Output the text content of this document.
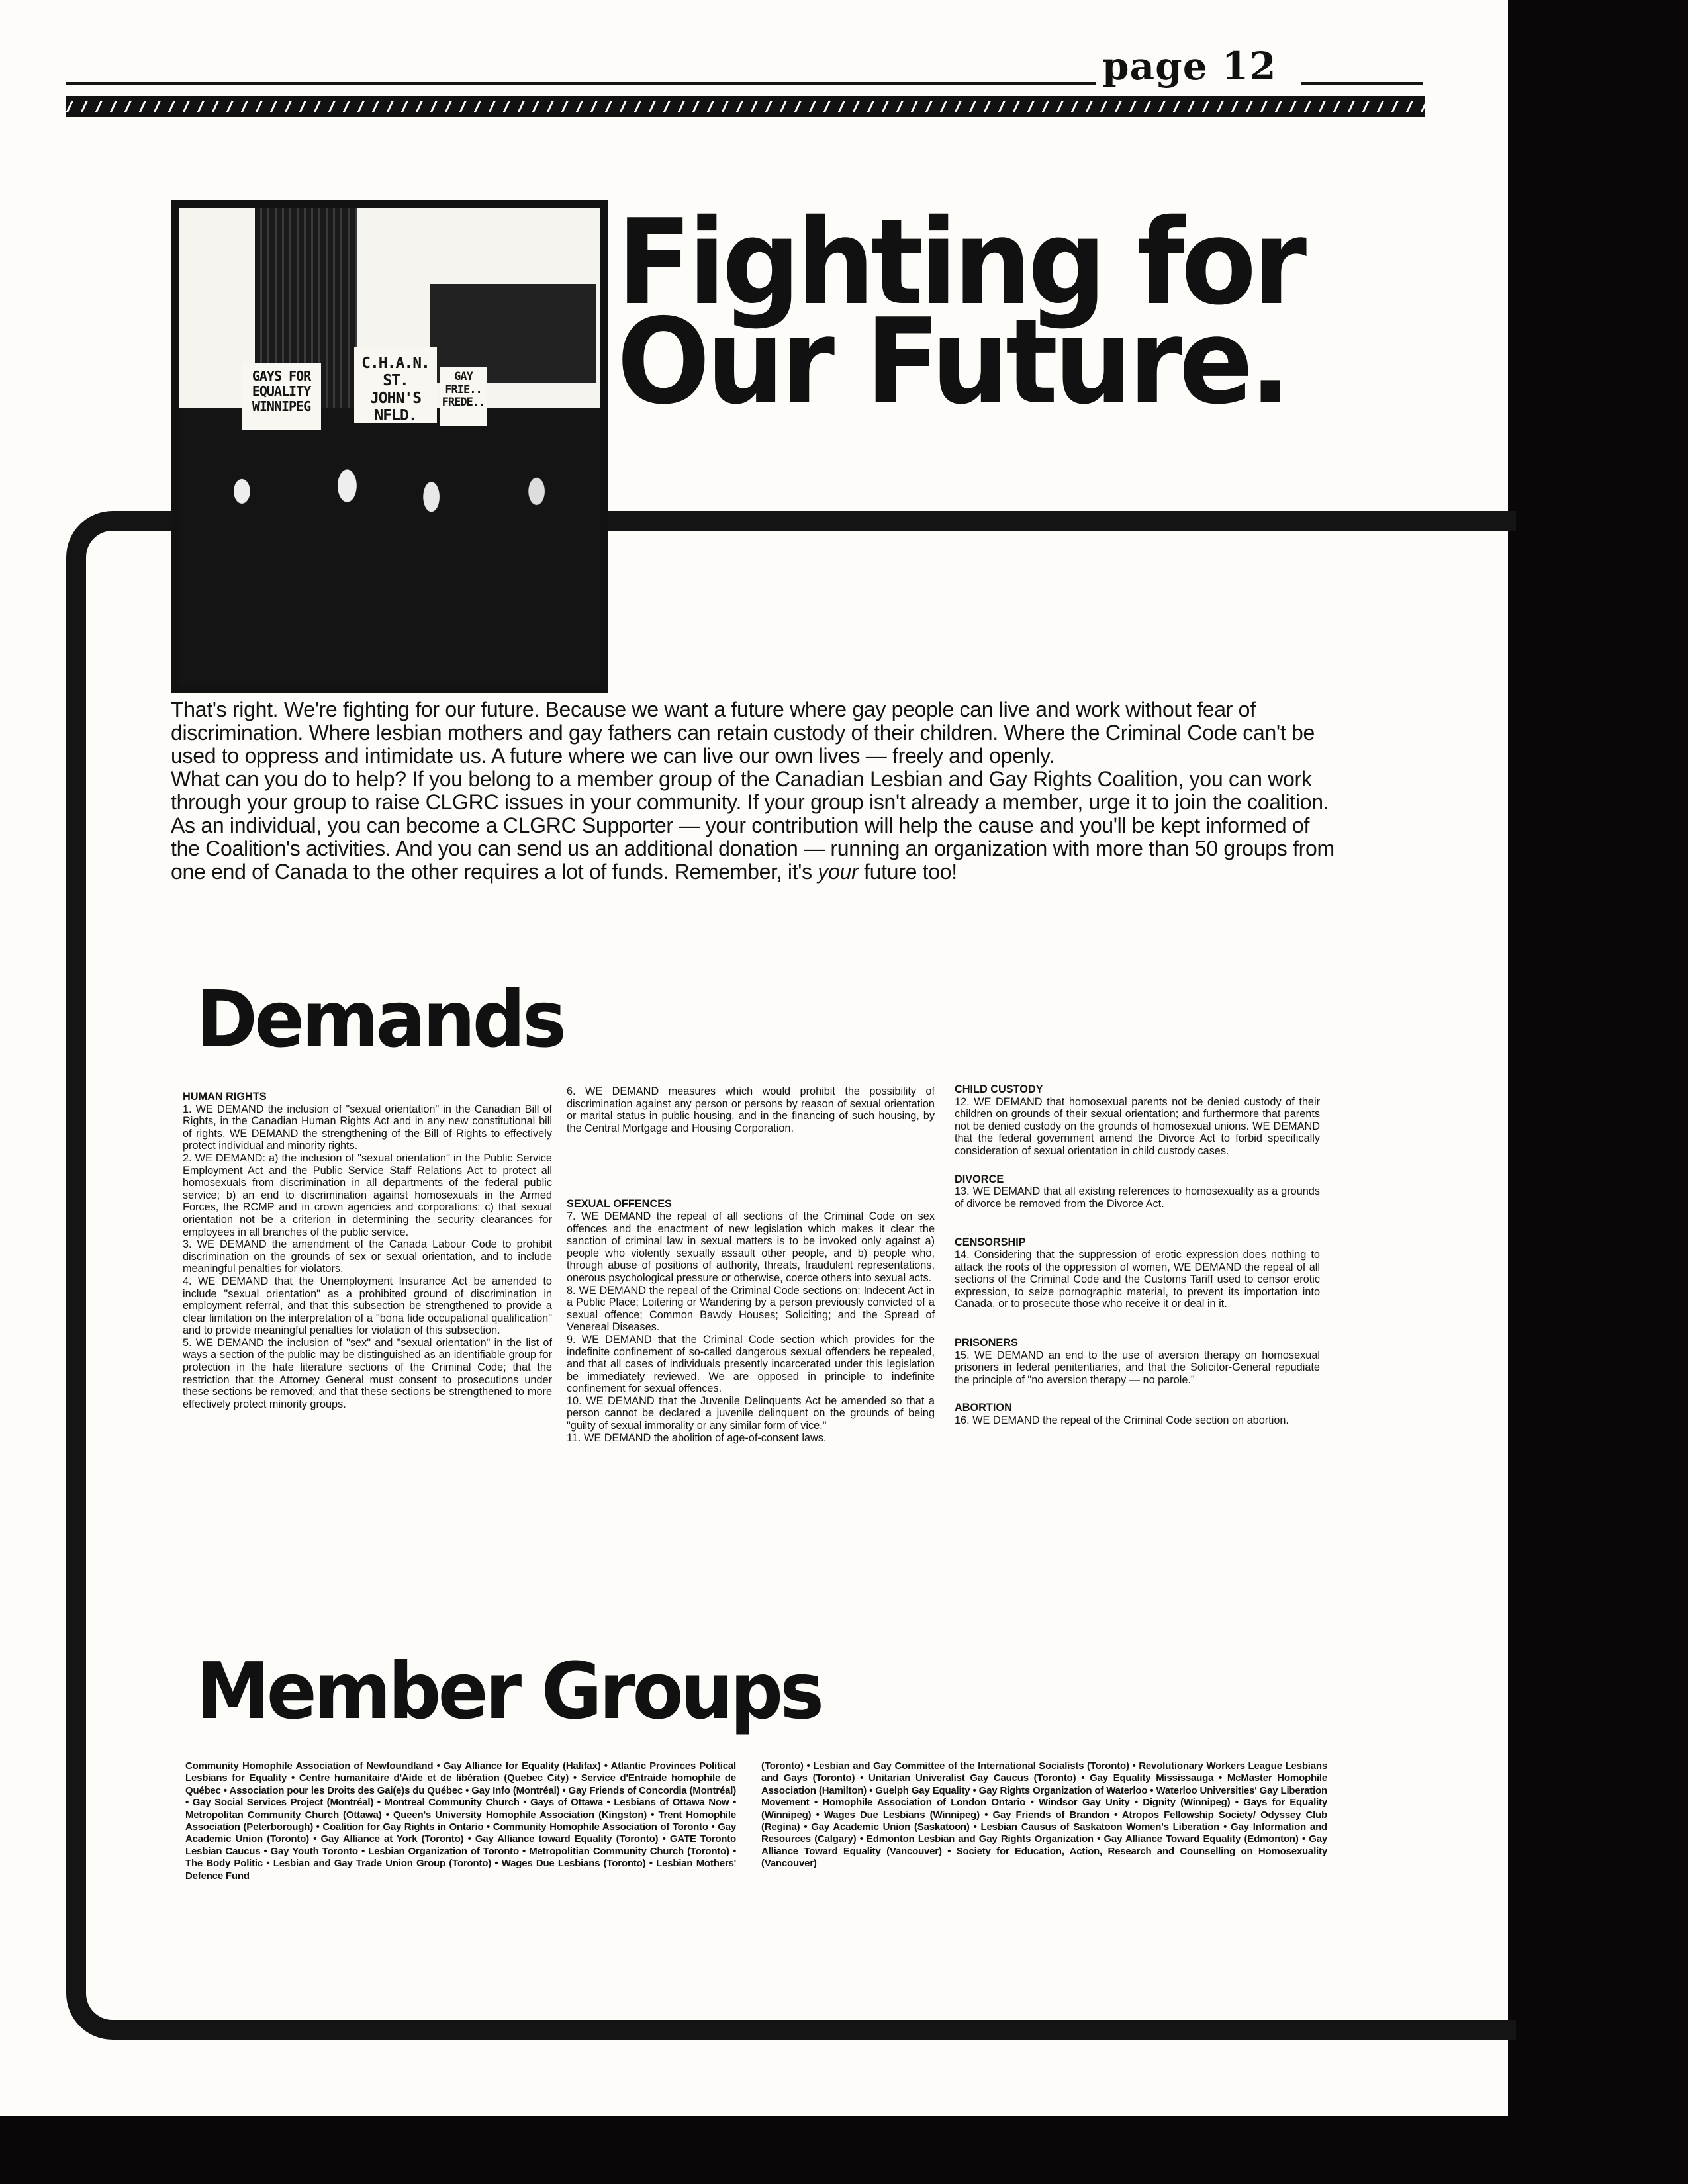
page 12
GAYS FOR
EQUALITY
WINNIPEG
C.H.A.N.
ST. JOHN'S
NFLD.
GAY
FRIE..
FREDE..
Fighting for
Our Future.

That's right. We're fighting for our future. Because we want a future where gay people can live and work without fear of discrimination. Where lesbian mothers and gay fathers can retain custody of their children. Where the Criminal Code can't be used to oppress and intimidate us. A future where we can live our own lives — freely and openly.

What can you do to help? If you belong to a member group of the Canadian Lesbian and Gay Rights Coalition, you can work through your group to raise CLGRC issues in your community. If your group isn't already a member, urge it to join the coalition. As an individual, you can become a CLGRC Supporter — your contribution will help the cause and you'll be kept informed of the Coalition's activities. And you can send us an additional donation — running an organization with more than 50 groups from one end of Canada to the other requires a lot of funds. Remember, it's your future too!

Demands

HUMAN RIGHTS

1. WE DEMAND the inclusion of "sexual orientation" in the Canadian Bill of Rights, in the Canadian Human Rights Act and in any new constitutional bill of rights. WE DEMAND the strengthening of the Bill of Rights to effectively protect individual and minority rights.

2. WE DEMAND: a) the inclusion of "sexual orientation" in the Public Service Employment Act and the Public Service Staff Relations Act to protect all homosexuals from discrimination in all departments of the federal public service; b) an end to discrimination against homosexuals in the Armed Forces, the RCMP and in crown agencies and corporations; c) that sexual orientation not be a criterion in determining the security clearances for employees in all branches of the public service.

3. WE DEMAND the amendment of the Canada Labour Code to prohibit discrimination on the grounds of sex or sexual orientation, and to include meaningful penalties for violators.

4. WE DEMAND that the Unemployment Insurance Act be amended to include "sexual orientation" as a prohibited ground of discrimination in employment referral, and that this subsection be strengthened to provide a clear limitation on the interpretation of a "bona fide occupational qualification" and to provide meaningful penalties for violation of this subsection.

5. WE DEMAND the inclusion of "sex" and "sexual orientation" in the list of ways a section of the public may be distinguished as an identifiable group for protection in the hate literature sections of the Criminal Code; that the restriction that the Attorney General must consent to prosecutions under these sections be removed; and that these sections be strengthened to more effectively protect minority groups.

6. WE DEMAND measures which would prohibit the possibility of discrimination against any person or persons by reason of sexual orientation or marital status in public housing, and in the financing of such housing, by the Central Mortgage and Housing Corporation.

SEXUAL OFFENCES

7. WE DEMAND the repeal of all sections of the Criminal Code on sex offences and the enactment of new legislation which makes it clear the sanction of criminal law in sexual matters is to be invoked only against a) people who violently sexually assault other people, and b) people who, through abuse of positions of authority, threats, fraudulent representations, onerous psychological pressure or otherwise, coerce others into sexual acts.

8. WE DEMAND the repeal of the Criminal Code sections on: Indecent Act in a Public Place; Loitering or Wandering by a person previously convicted of a sexual offence; Common Bawdy Houses; Soliciting; and the Spread of Venereal Diseases.

9. WE DEMAND that the Criminal Code section which provides for the indefinite confinement of so-called dangerous sexual offenders be repealed, and that all cases of individuals presently incarcerated under this legislation be immediately reviewed. We are opposed in principle to indefinite confinement for sexual offences.

10. WE DEMAND that the Juvenile Delinquents Act be amended so that a person cannot be declared a juvenile delinquent on the grounds of being "guilty of sexual immorality or any similar form of vice."

11. WE DEMAND the abolition of age-of-consent laws.

CHILD CUSTODY

12. WE DEMAND that homosexual parents not be denied custody of their children on grounds of their sexual orientation; and furthermore that parents not be denied custody on the grounds of homosexual unions. WE DEMAND that the federal government amend the Divorce Act to forbid specifically consideration of sexual orientation in child custody cases.

DIVORCE

13. WE DEMAND that all existing references to homosexuality as a grounds of divorce be removed from the Divorce Act.

CENSORSHIP

14. Considering that the suppression of erotic expression does nothing to attack the roots of the oppression of women, WE DEMAND the repeal of all sections of the Criminal Code and the Customs Tariff used to censor erotic expression, to seize pornographic material, to prevent its importation into Canada, or to prosecute those who receive it or deal in it.

PRISONERS

15. WE DEMAND an end to the use of aversion therapy on homosexual prisoners in federal penitentiaries, and that the Solicitor-General repudiate the principle of "no aversion therapy — no parole."

ABORTION

16. WE DEMAND the repeal of the Criminal Code section on abortion.

Member Groups
Community Homophile Association of Newfoundland • Gay Alliance for Equality (Halifax) • Atlantic Provinces Political Lesbians for Equality • Centre humanitaire d'Aide et de libération (Quebec City) • Service d'Entraide homophile de Québec • Association pour les Droits des Gai(e)s du Québec • Gay Info (Montréal) • Gay Friends of Concordia (Montréal) • Gay Social Services Project (Montréal) • Montreal Community Church • Gays of Ottawa • Lesbians of Ottawa Now • Metropolitan Community Church (Ottawa) • Queen's University Homophile Association (Kingston) • Trent Homophile Association (Peterborough) • Coalition for Gay Rights in Ontario • Community Homophile Association of Toronto • Gay Academic Union (Toronto) • Gay Alliance at York (Toronto) • Gay Alliance toward Equality (Toronto) • GATE Toronto Lesbian Caucus • Gay Youth Toronto • Lesbian Organization of Toronto • Metropolitian Community Church (Toronto) • The Body Politic • Lesbian and Gay Trade Union Group (Toronto) • Wages Due Lesbians (Toronto) • Lesbian Mothers' Defence Fund
(Toronto) • Lesbian and Gay Committee of the International Socialists (Toronto) • Revolutionary Workers League Lesbians and Gays (Toronto) • Unitarian Univeralist Gay Caucus (Toronto) • Gay Equality Mississauga • McMaster Homophile Association (Hamilton) • Guelph Gay Equality • Gay Rights Organization of Waterloo • Waterloo Universities' Gay Liberation Movement • Homophile Association of London Ontario • Windsor Gay Unity • Dignity (Winnipeg) • Gays for Equality (Winnipeg) • Wages Due Lesbians (Winnipeg) • Gay Friends of Brandon • Atropos Fellowship Society/ Odyssey Club (Regina) • Gay Academic Union (Saskatoon) • Lesbian Causus of Saskatoon Women's Liberation • Gay Information and Resources (Calgary) • Edmonton Lesbian and Gay Rights Organization • Gay Alliance Toward Equality (Edmonton) • Gay Alliance Toward Equality (Vancouver) • Society for Education, Action, Research and Counselling on Homosexuality (Vancouver)
